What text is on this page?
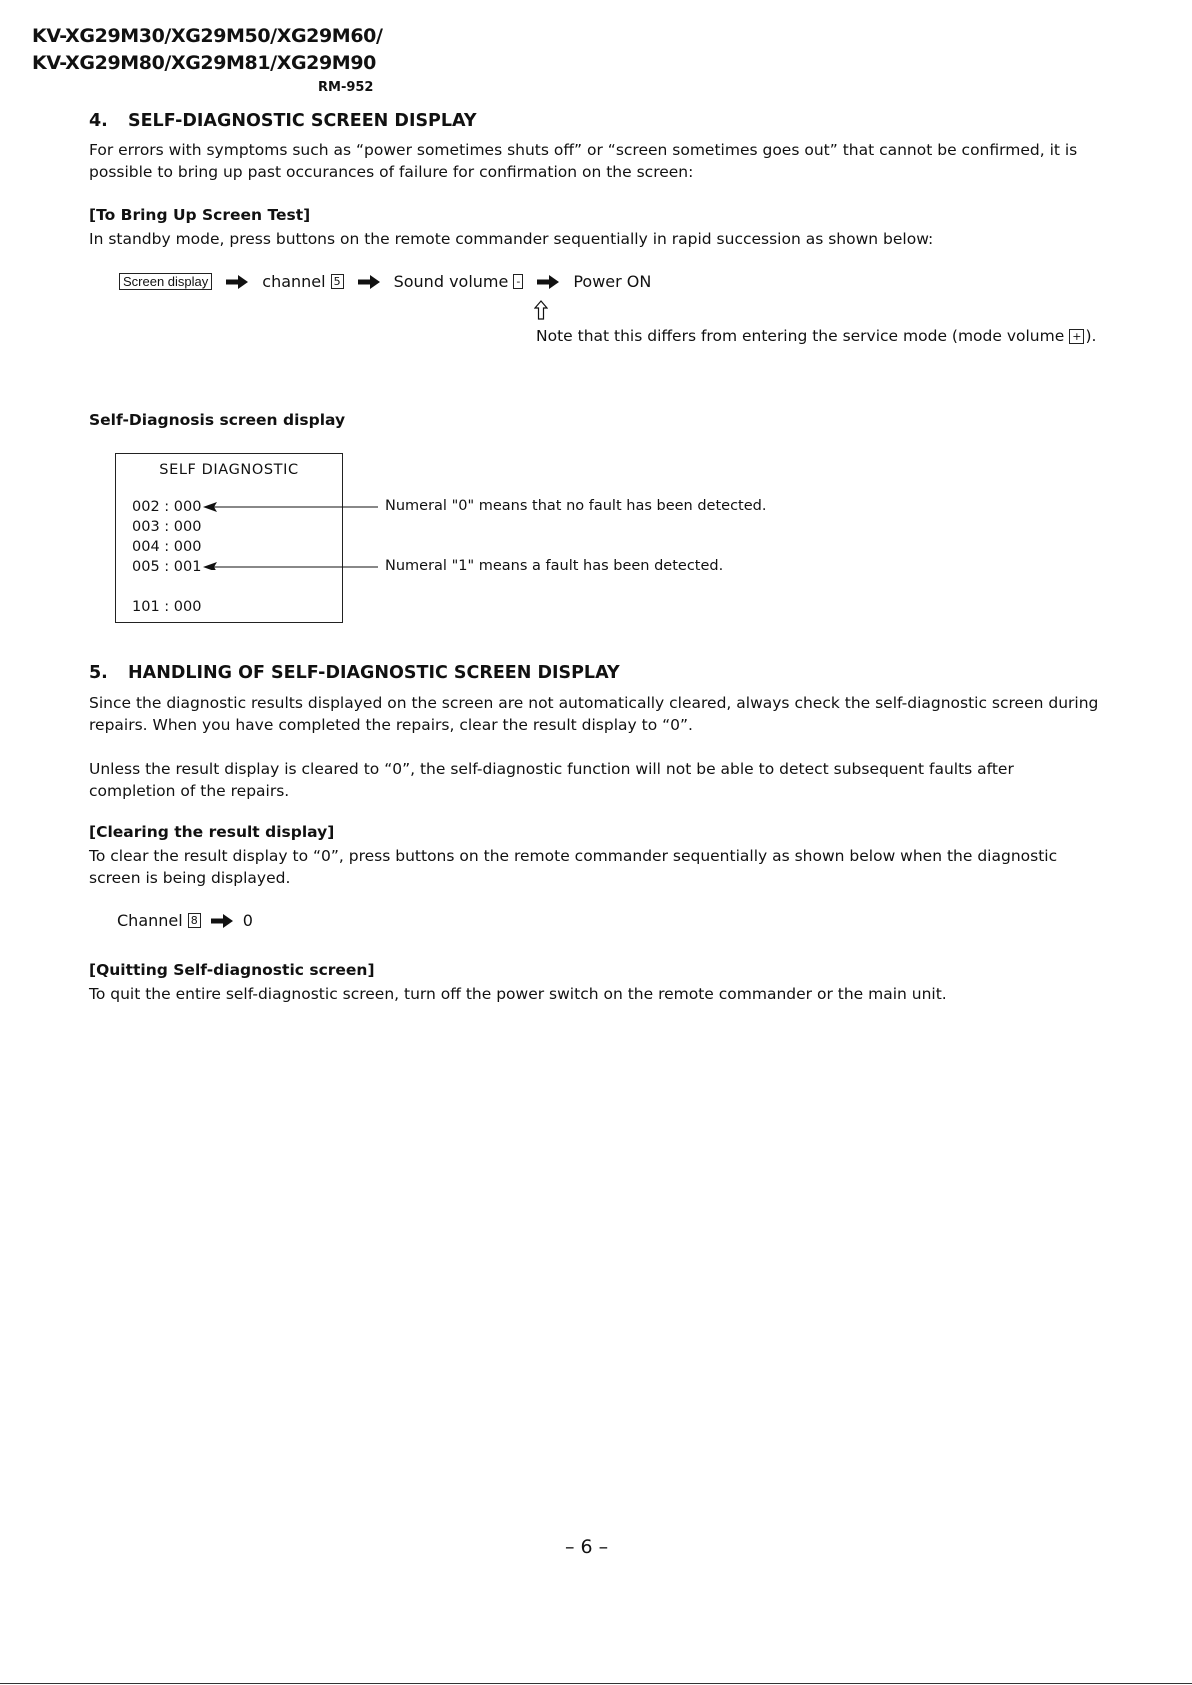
KV-XG29M30/XG29M50/XG29M60/
KV-XG29M80/XG29M81/XG29M90
RM-952
4. SELF-DIAGNOSTIC SCREEN DISPLAY
For errors with symptoms such as “power sometimes shuts off” or “screen sometimes goes out” that cannot be confirmed, it is possible to bring up past occurances of failure for confirmation on the screen:
[To Bring Up Screen Test]
In standby mode, press buttons on the remote commander sequentially in rapid succession as shown below:
Screen display	channel 5	Sound volume -	Power ON
Note that this differs from entering the service mode (mode volume + ).
Self-Diagnosis screen display
SELF DIAGNOSTIC
002 : 000
003 : 000
004 : 000
005 : 001
101 : 000
Numeral "0" means that no fault has been detected.
Numeral "1" means a fault has been detected.
5. HANDLING OF SELF-DIAGNOSTIC SCREEN DISPLAY
Since the diagnostic results displayed on the screen are not automatically cleared, always check the self-diagnostic screen during repairs. When you have completed the repairs, clear the result display to “0”.
Unless the result display is cleared to “0”, the self-diagnostic function will not be able to detect subsequent faults after completion of the repairs.
[Clearing the result display]
To clear the result display to “0”, press buttons on the remote commander sequentially as shown below when the diagnostic screen is being displayed.
Channel 8	0
[Quitting Self-diagnostic screen]
To quit the entire self-diagnostic screen, turn off the power switch on the remote commander or the main unit.
– 6 –
